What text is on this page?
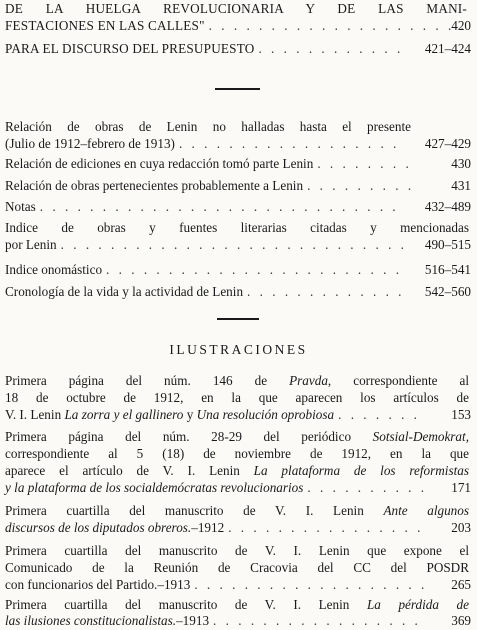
DE LA HUELGA REVOLUCIONARIA Y DE LAS MANI-
FESTACIONES EN LAS CALLES" . . .	420
PARA EL DISCURSO DEL PRESUPUESTO . . .	421–424
Relación de obras de Lenin no halladas hasta el presente
(Julio de 1912–febrero de 1913) . . .	427–429
Relación de ediciones en cuya redacción tomó parte Lenin . . .	430
Relación de obras pertenecientes probablemente a Lenin . . .	431
Notas . . .	432–489
Indice de obras y fuentes literarias citadas y mencionadas
por Lenin . . .	490–515
Indice onomástico . . .	516–541
Cronología de la vida y la actividad de Lenin . . .	542–560
ILUSTRACIONES
Primera página del núm. 146 de Pravda, correspondiente al
18 de octubre de 1912, en la que aparecen los artículos de
V. I. Lenin La zorra y el gallinero y Una resolución oprobiosa . . .	153
Primera página del núm. 28-29 del periódico Sotsial-Demokrat,
correspondiente al 5 (18) de noviembre de 1912, en la que
aparece el artículo de V. I. Lenin La plataforma de los reformistas
y la plataforma de los socialdemócratas revolucionarios . . .	171
Primera cuartilla del manuscrito de V. I. Lenin Ante algunos
discursos de los diputados obreros.–1912 . . .	203
Primera cuartilla del manuscrito de V. I. Lenin que expone el
Comunicado de la Reunión de Cracovia del CC del POSDR
con funcionarios del Partido.–1913 . . .	265
Primera cuartilla del manuscrito de V. I. Lenin La pérdida de
las ilusiones constitucionalistas.–1913 . . .	369
